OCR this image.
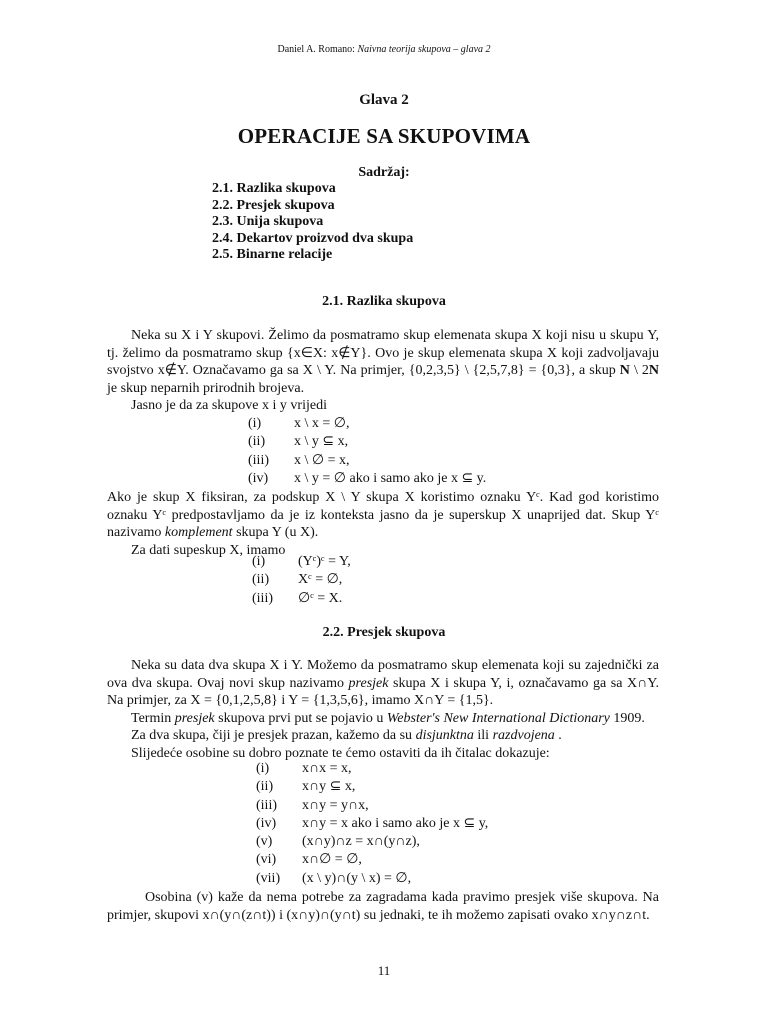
Daniel A. Romano: Naivna teorija skupova – glava 2
Glava 2
OPERACIJE SA SKUPOVIMA
Sadržaj:
2.1. Razlika skupova
2.2. Presjek skupova
2.3. Unija skupova
2.4. Dekartov proizvod dva skupa
2.5. Binarne relacije
2.1. Razlika skupova

Neka su X i Y skupovi. Želimo da posmatramo skup elemenata skupa X koji nisu u skupu Y, tj. želimo da posmatramo skup {x∈X: x∉Y}. Ovo je skup elemenata skupa X koji zadvoljavaju svojstvo x∉Y. Označavamo ga sa X \ Y. Na primjer, {0,2,3,5} \ {2,5,7,8} = {0,3}, a skup N \ 2N je skup neparnih prirodnih brojeva.

Jasno je da za skupove x i y vrijedi

(i) x \ x = ∅,
(ii) x \ y ⊆ x,
(iii) x \ ∅ = x,
(iv) x \ y = ∅ ako i samo ako je x ⊆ y.

Ako je skup X fiksiran, za podskup X \ Y skupa X koristimo oznaku Yᶜ. Kad god koristimo oznaku Yᶜ predpostavljamo da je iz konteksta jasno da je superskup X unaprijed dat. Skup Yᶜ nazivamo komplement skupa Y (u X).

Za dati supeskup X, imamo

(i) (Yᶜ)ᶜ = Y,
(ii) Xᶜ = ∅,
(iii) ∅ᶜ = X.
2.2. Presjek skupova

Neka su data dva skupa X i Y. Možemo da posmatramo skup elemenata koji su zajednički za ova dva skupa. Ovaj novi skup nazivamo presjek skupa X i skupa Y, i, označavamo ga sa X∩Y. Na primjer, za X = {0,1,2,5,8} i Y = {1,3,5,6}, imamo X∩Y = {1,5}.

Termin presjek skupova prvi put se pojavio u Webster's New International Dictionary 1909.

Za dva skupa, čiji je presjek prazan, kažemo da su disjunktna ili razdvojena .

Slijedeće osobine su dobro poznate te ćemo ostaviti da ih čitalac dokazuje:

(i) x∩x = x,
(ii) x∩y ⊆ x,
(iii) x∩y = y∩x,
(iv) x∩y = x ako i samo ako je x ⊆ y,
(v) (x∩y)∩z = x∩(y∩z),
(vi) x∩∅ = ∅,
(vii) (x \ y)∩(y \ x) = ∅,

Osobina (v) kaže da nema potrebe za zagradama kada pravimo presjek više skupova. Na primjer, skupovi x∩(y∩(z∩t)) i (x∩y)∩(y∩t) su jednaki, te ih možemo zapisati ovako x∩y∩z∩t.

11
